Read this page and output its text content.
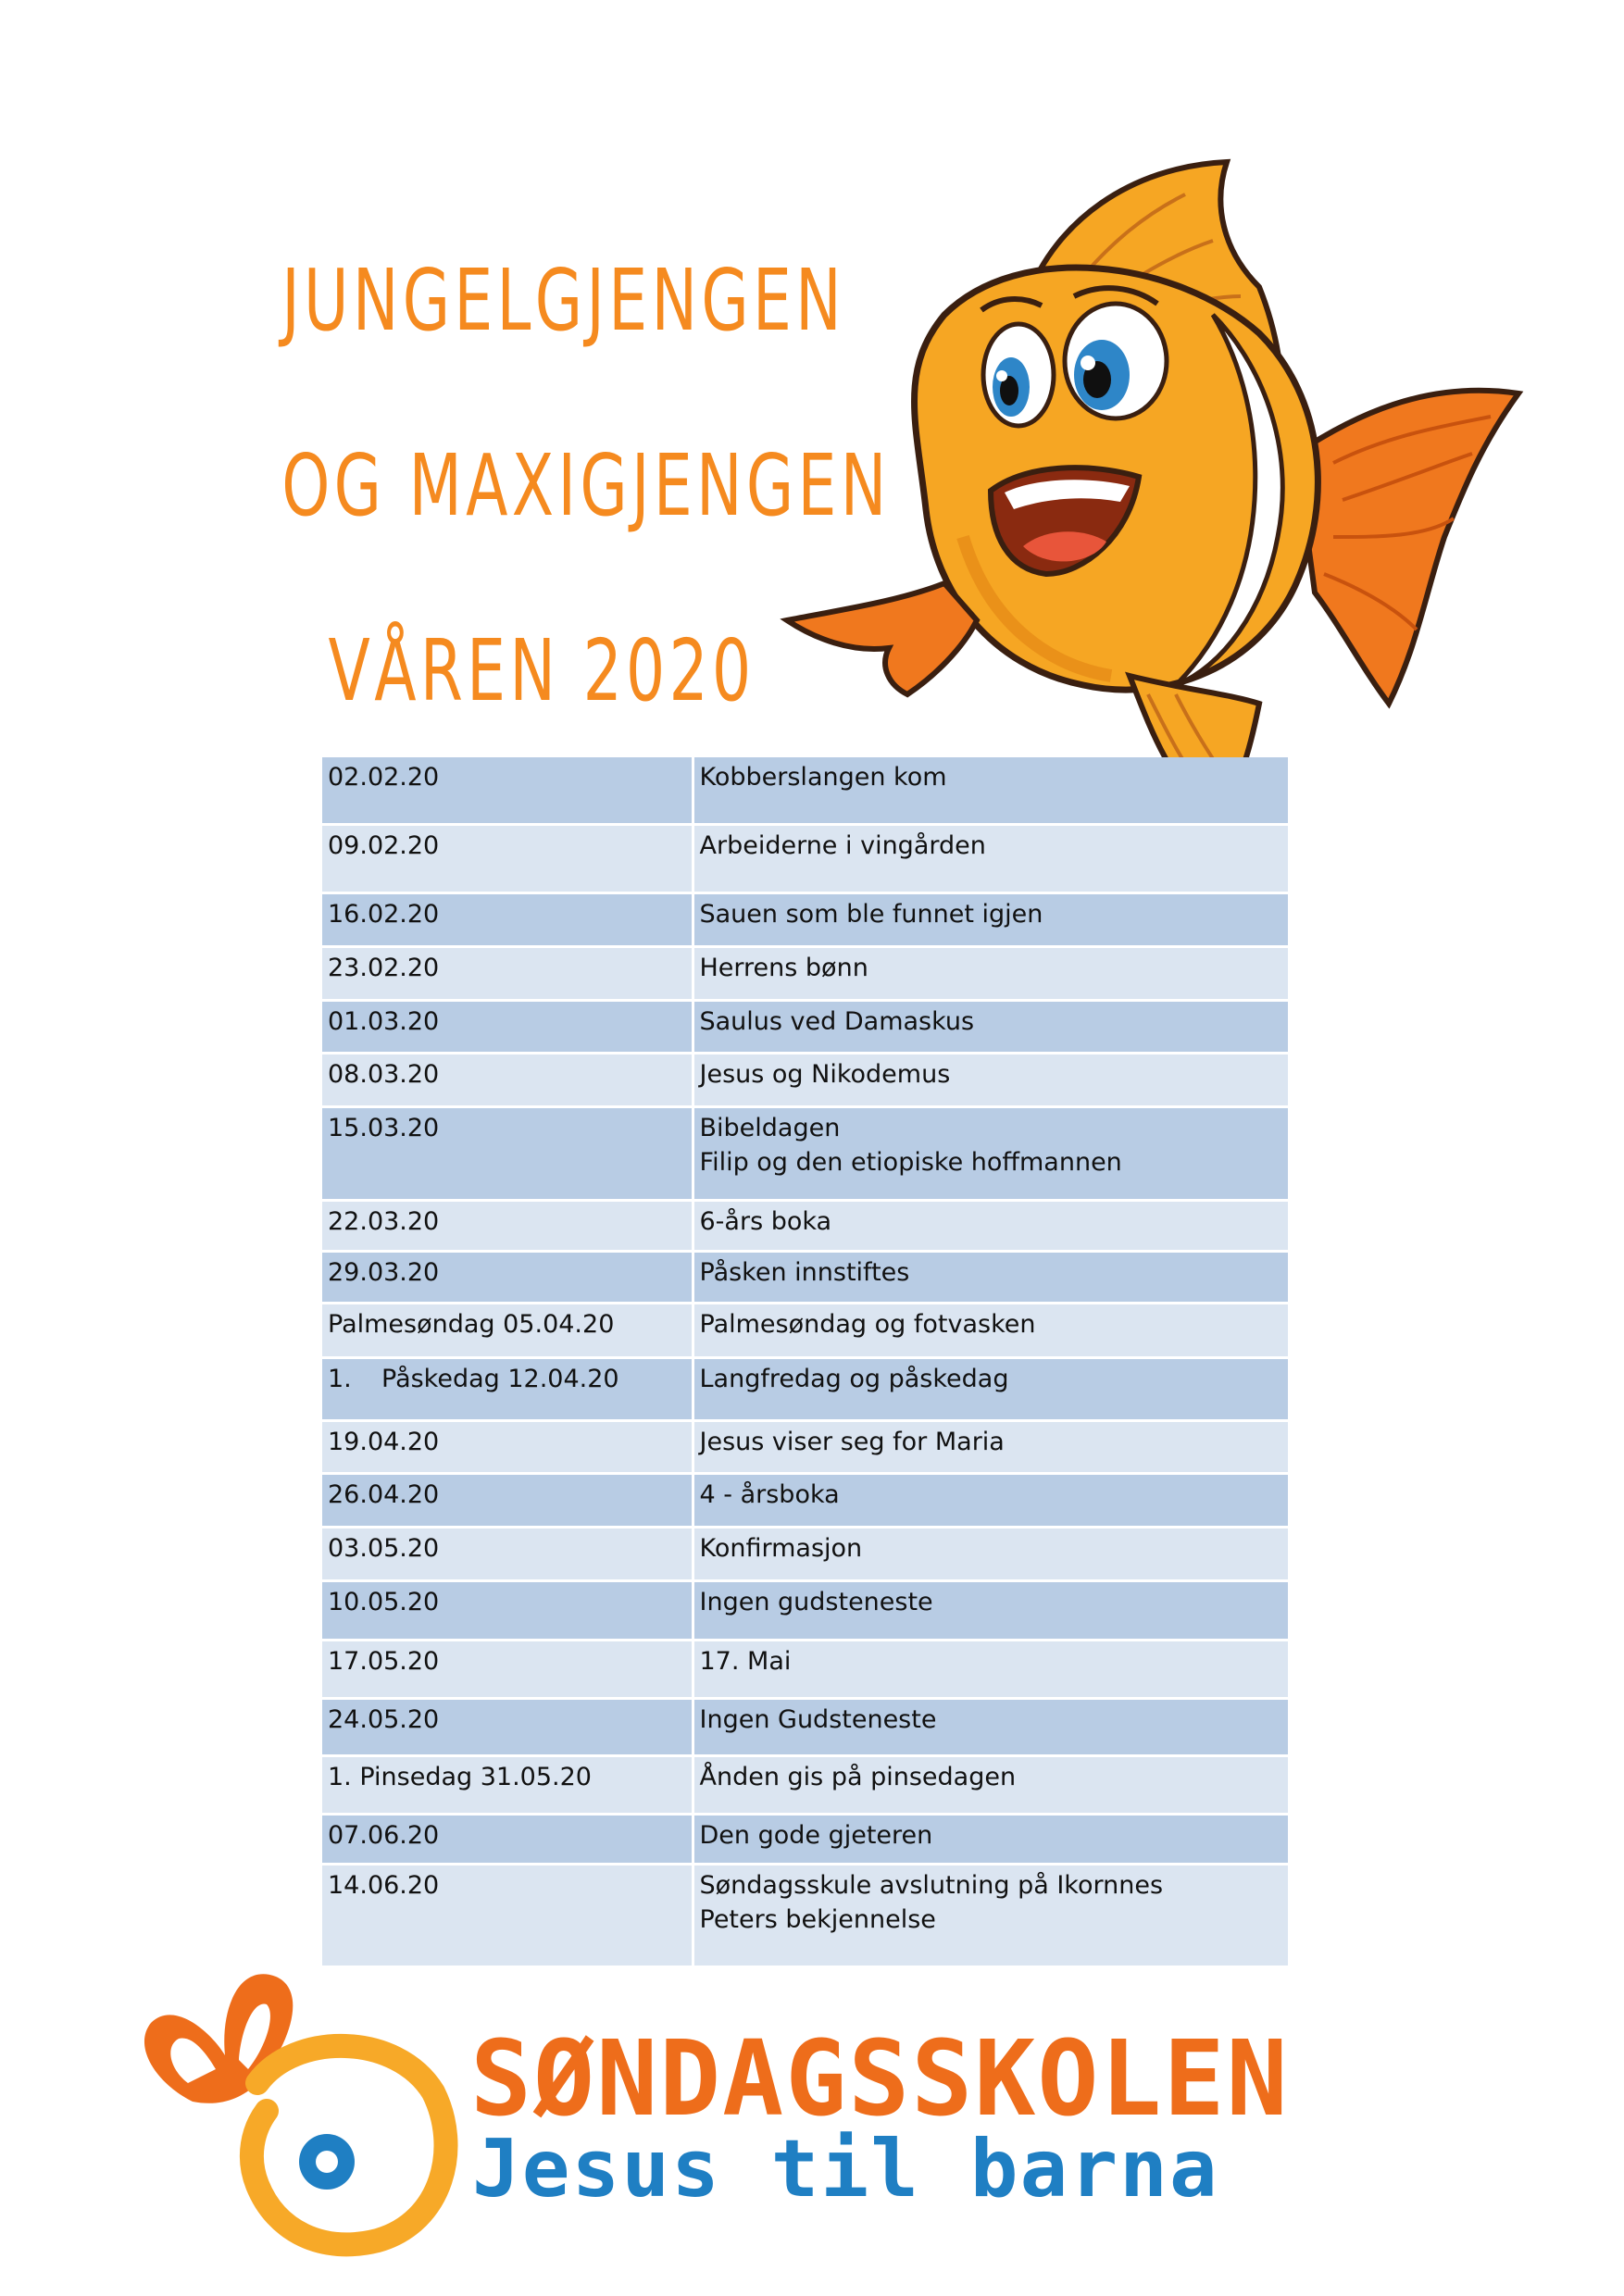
JUNGELGJENGEN
OG MAXIGJENGEN
VÅREN 2020
02.02.20	Kobberslangen kom
09.02.20	Arbeiderne i vingården
16.02.20	Sauen som ble funnet igjen
23.02.20	Herrens bønn
01.03.20	Saulus ved Damaskus
08.03.20	Jesus og Nikodemus
15.03.20	Bibeldagen
Filip og den etiopiske hoffmannen

22.03.20	6-års boka
29.03.20	Påsken innstiftes
Palmesøndag 05.04.20	Palmesøndag og fotvasken
1. Påskedag 12.04.20	Langfredag og påskedag
19.04.20	Jesus viser seg for Maria
26.04.20	4 - årsboka
03.05.20	Konfirmasjon
10.05.20	Ingen gudsteneste
17.05.20	17. Mai
24.05.20	Ingen Gudsteneste
1. Pinsedag 31.05.20	Ånden gis på pinsedagen
07.06.20	Den gode gjeteren
14.06.20	Søndagsskule avslutning på Ikornnes
Peters bekjennelse
SØNDAGSSKOLEN
Jesus til barna
